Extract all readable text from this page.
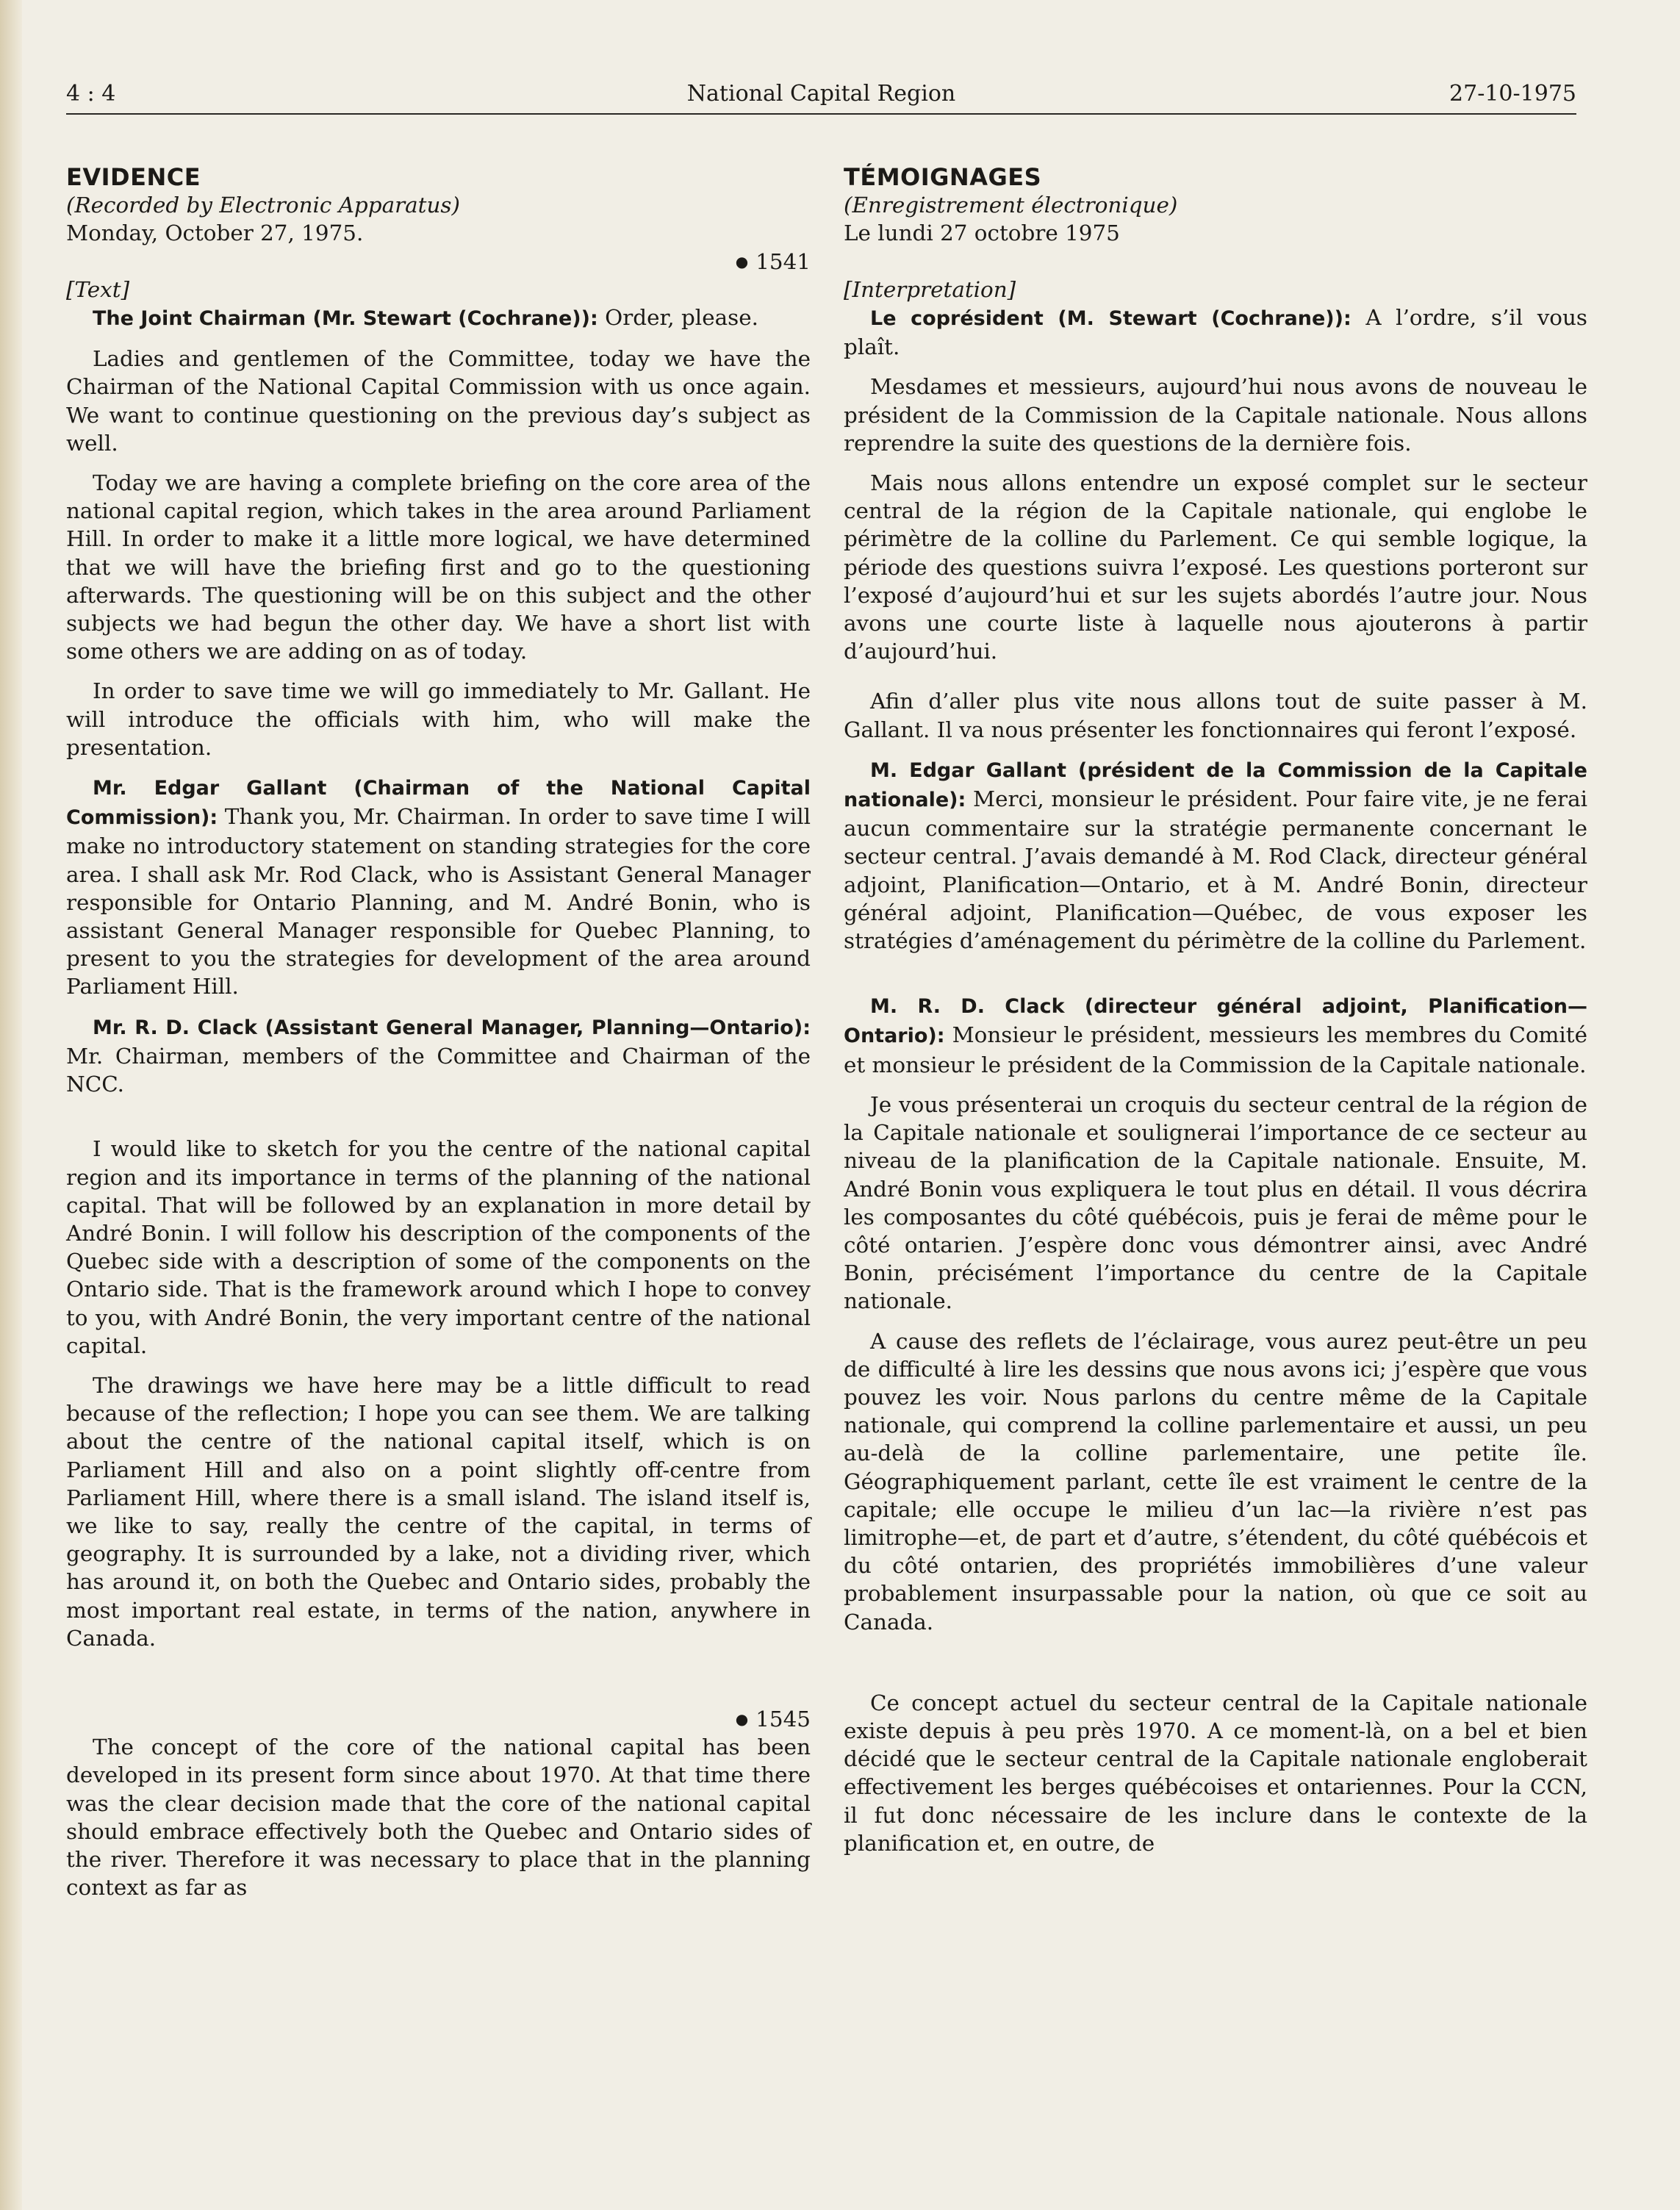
4 : 4	National Capital Region	27-10-1975

EVIDENCE

(Recorded by Electronic Apparatus)

Monday, October 27, 1975.

● 1541

[Text]

The Joint Chairman (Mr. Stewart (Cochrane)): Order, please.

Ladies and gentlemen of the Committee, today we have the Chairman of the National Capital Commission with us once again. We want to continue questioning on the previous day’s subject as well.

Today we are having a complete briefing on the core area of the national capital region, which takes in the area around Parliament Hill. In order to make it a little more logical, we have determined that we will have the briefing first and go to the questioning afterwards. The questioning will be on this subject and the other subjects we had begun the other day. We have a short list with some others we are adding on as of today.

In order to save time we will go immediately to Mr. Gallant. He will introduce the officials with him, who will make the presentation.

Mr. Edgar Gallant (Chairman of the National Capital Commission): Thank you, Mr. Chairman. In order to save time I will make no introductory statement on standing strategies for the core area. I shall ask Mr. Rod Clack, who is Assistant General Manager responsible for Ontario Planning, and M. André Bonin, who is assistant General Manager responsible for Quebec Planning, to present to you the strategies for development of the area around Parliament Hill.

Mr. R. D. Clack (Assistant General Manager, Planning—Ontario): Mr. Chairman, members of the Committee and Chairman of the NCC.

I would like to sketch for you the centre of the national capital region and its importance in terms of the planning of the national capital. That will be followed by an explanation in more detail by André Bonin. I will follow his description of the components of the Quebec side with a description of some of the components on the Ontario side. That is the framework around which I hope to convey to you, with André Bonin, the very important centre of the national capital.

The drawings we have here may be a little difficult to read because of the reflection; I hope you can see them. We are talking about the centre of the national capital itself, which is on Parliament Hill and also on a point slightly off-centre from Parliament Hill, where there is a small island. The island itself is, we like to say, really the centre of the capital, in terms of geography. It is surrounded by a lake, not a dividing river, which has around it, on both the Quebec and Ontario sides, probably the most important real estate, in terms of the nation, anywhere in Canada.

● 1545

The concept of the core of the national capital has been developed in its present form since about 1970. At that time there was the clear decision made that the core of the national capital should embrace effectively both the Quebec and Ontario sides of the river. Therefore it was necessary to place that in the planning context as far as

TÉMOIGNAGES

(Enregistrement électronique)

Le lundi 27 octobre 1975

[Interpretation]

Le coprésident (M. Stewart (Cochrane)): A l’ordre, s’il vous plaît.

Mesdames et messieurs, aujourd’hui nous avons de nouveau le président de la Commission de la Capitale nationale. Nous allons reprendre la suite des questions de la dernière fois.

Mais nous allons entendre un exposé complet sur le secteur central de la région de la Capitale nationale, qui englobe le périmètre de la colline du Parlement. Ce qui semble logique, la période des questions suivra l’exposé. Les questions porteront sur l’exposé d’aujourd’hui et sur les sujets abordés l’autre jour. Nous avons une courte liste à laquelle nous ajouterons à partir d’aujourd’hui.

Afin d’aller plus vite nous allons tout de suite passer à M. Gallant. Il va nous présenter les fonctionnaires qui feront l’exposé.

M. Edgar Gallant (président de la Commission de la Capitale nationale): Merci, monsieur le président. Pour faire vite, je ne ferai aucun commentaire sur la stratégie permanente concernant le secteur central. J’avais demandé à M. Rod Clack, directeur général adjoint, Planification—Ontario, et à M. André Bonin, directeur général adjoint, Planification—Québec, de vous exposer les stratégies d’aménagement du périmètre de la colline du Parlement.

M. R. D. Clack (directeur général adjoint, Planification—Ontario): Monsieur le président, messieurs les membres du Comité et monsieur le président de la Commission de la Capitale nationale.

Je vous présenterai un croquis du secteur central de la région de la Capitale nationale et soulignerai l’importance de ce secteur au niveau de la planification de la Capitale nationale. Ensuite, M. André Bonin vous expliquera le tout plus en détail. Il vous décrira les composantes du côté québécois, puis je ferai de même pour le côté ontarien. J’espère donc vous démontrer ainsi, avec André Bonin, précisément l’importance du centre de la Capitale nationale.

A cause des reflets de l’éclairage, vous aurez peut-être un peu de difficulté à lire les dessins que nous avons ici; j’espère que vous pouvez les voir. Nous parlons du centre même de la Capitale nationale, qui comprend la colline parlementaire et aussi, un peu au-delà de la colline parlementaire, une petite île. Géographiquement parlant, cette île est vraiment le centre de la capitale; elle occupe le milieu d’un lac—la rivière n’est pas limitrophe—et, de part et d’autre, s’étendent, du côté québécois et du côté ontarien, des propriétés immobilières d’une valeur probablement insurpassable pour la nation, où que ce soit au Canada.

Ce concept actuel du secteur central de la Capitale nationale existe depuis à peu près 1970. A ce moment-là, on a bel et bien décidé que le secteur central de la Capitale nationale engloberait effectivement les berges québécoises et ontariennes. Pour la CCN, il fut donc nécessaire de les inclure dans le contexte de la planification et, en outre, de
